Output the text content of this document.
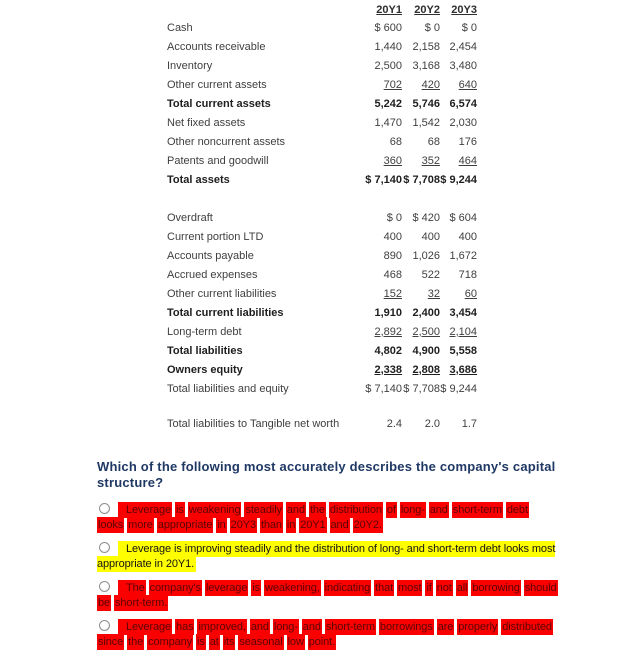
	20Y1	20Y2	20Y3
Cash	$ 600	$ 0	$ 0
Accounts receivable	1,440	2,158	2,454
Inventory	2,500	3,168	3,480
Other current assets	702	420	640
Total current assets	5,242	5,746	6,574
Net fixed assets	1,470	1,542	2,030
Other noncurrent assets	68	68	176
Patents and goodwill	360	352	464
Total assets	$ 7,140	$ 7,708	$ 9,244

Overdraft	$ 0	$ 420	$ 604
Current portion LTD	400	400	400
Accounts payable	890	1,026	1,672
Accrued expenses	468	522	718
Other current liabilities	152	32	60
Total current liabilities	1,910	2,400	3,454
Long-term debt	2,892	2,500	2,104
Total liabilities	4,802	4,900	5,558
Owners equity	2,338	2,808	3,686
Total liabilities and equity	$ 7,140	$ 7,708	$ 9,244

Total liabilities to Tangible net worth	2.4	2.0	1.7
Which of the following most accurately describes the company's capital structure?
Leverage is weakening steadily and the distribution of long- and short-term debt looks more appropriate in 20Y3 than in 20Y1 and 20Y2.
Leverage is improving steadily and the distribution of long- and short-term debt looks most appropriate in 20Y1.
The company's leverage is weakening, indicating that most if not all borrowing should be short-term.
Leverage has improved, and long- and short-term borrowings are properly distributed since the company is at its seasonal low point.
